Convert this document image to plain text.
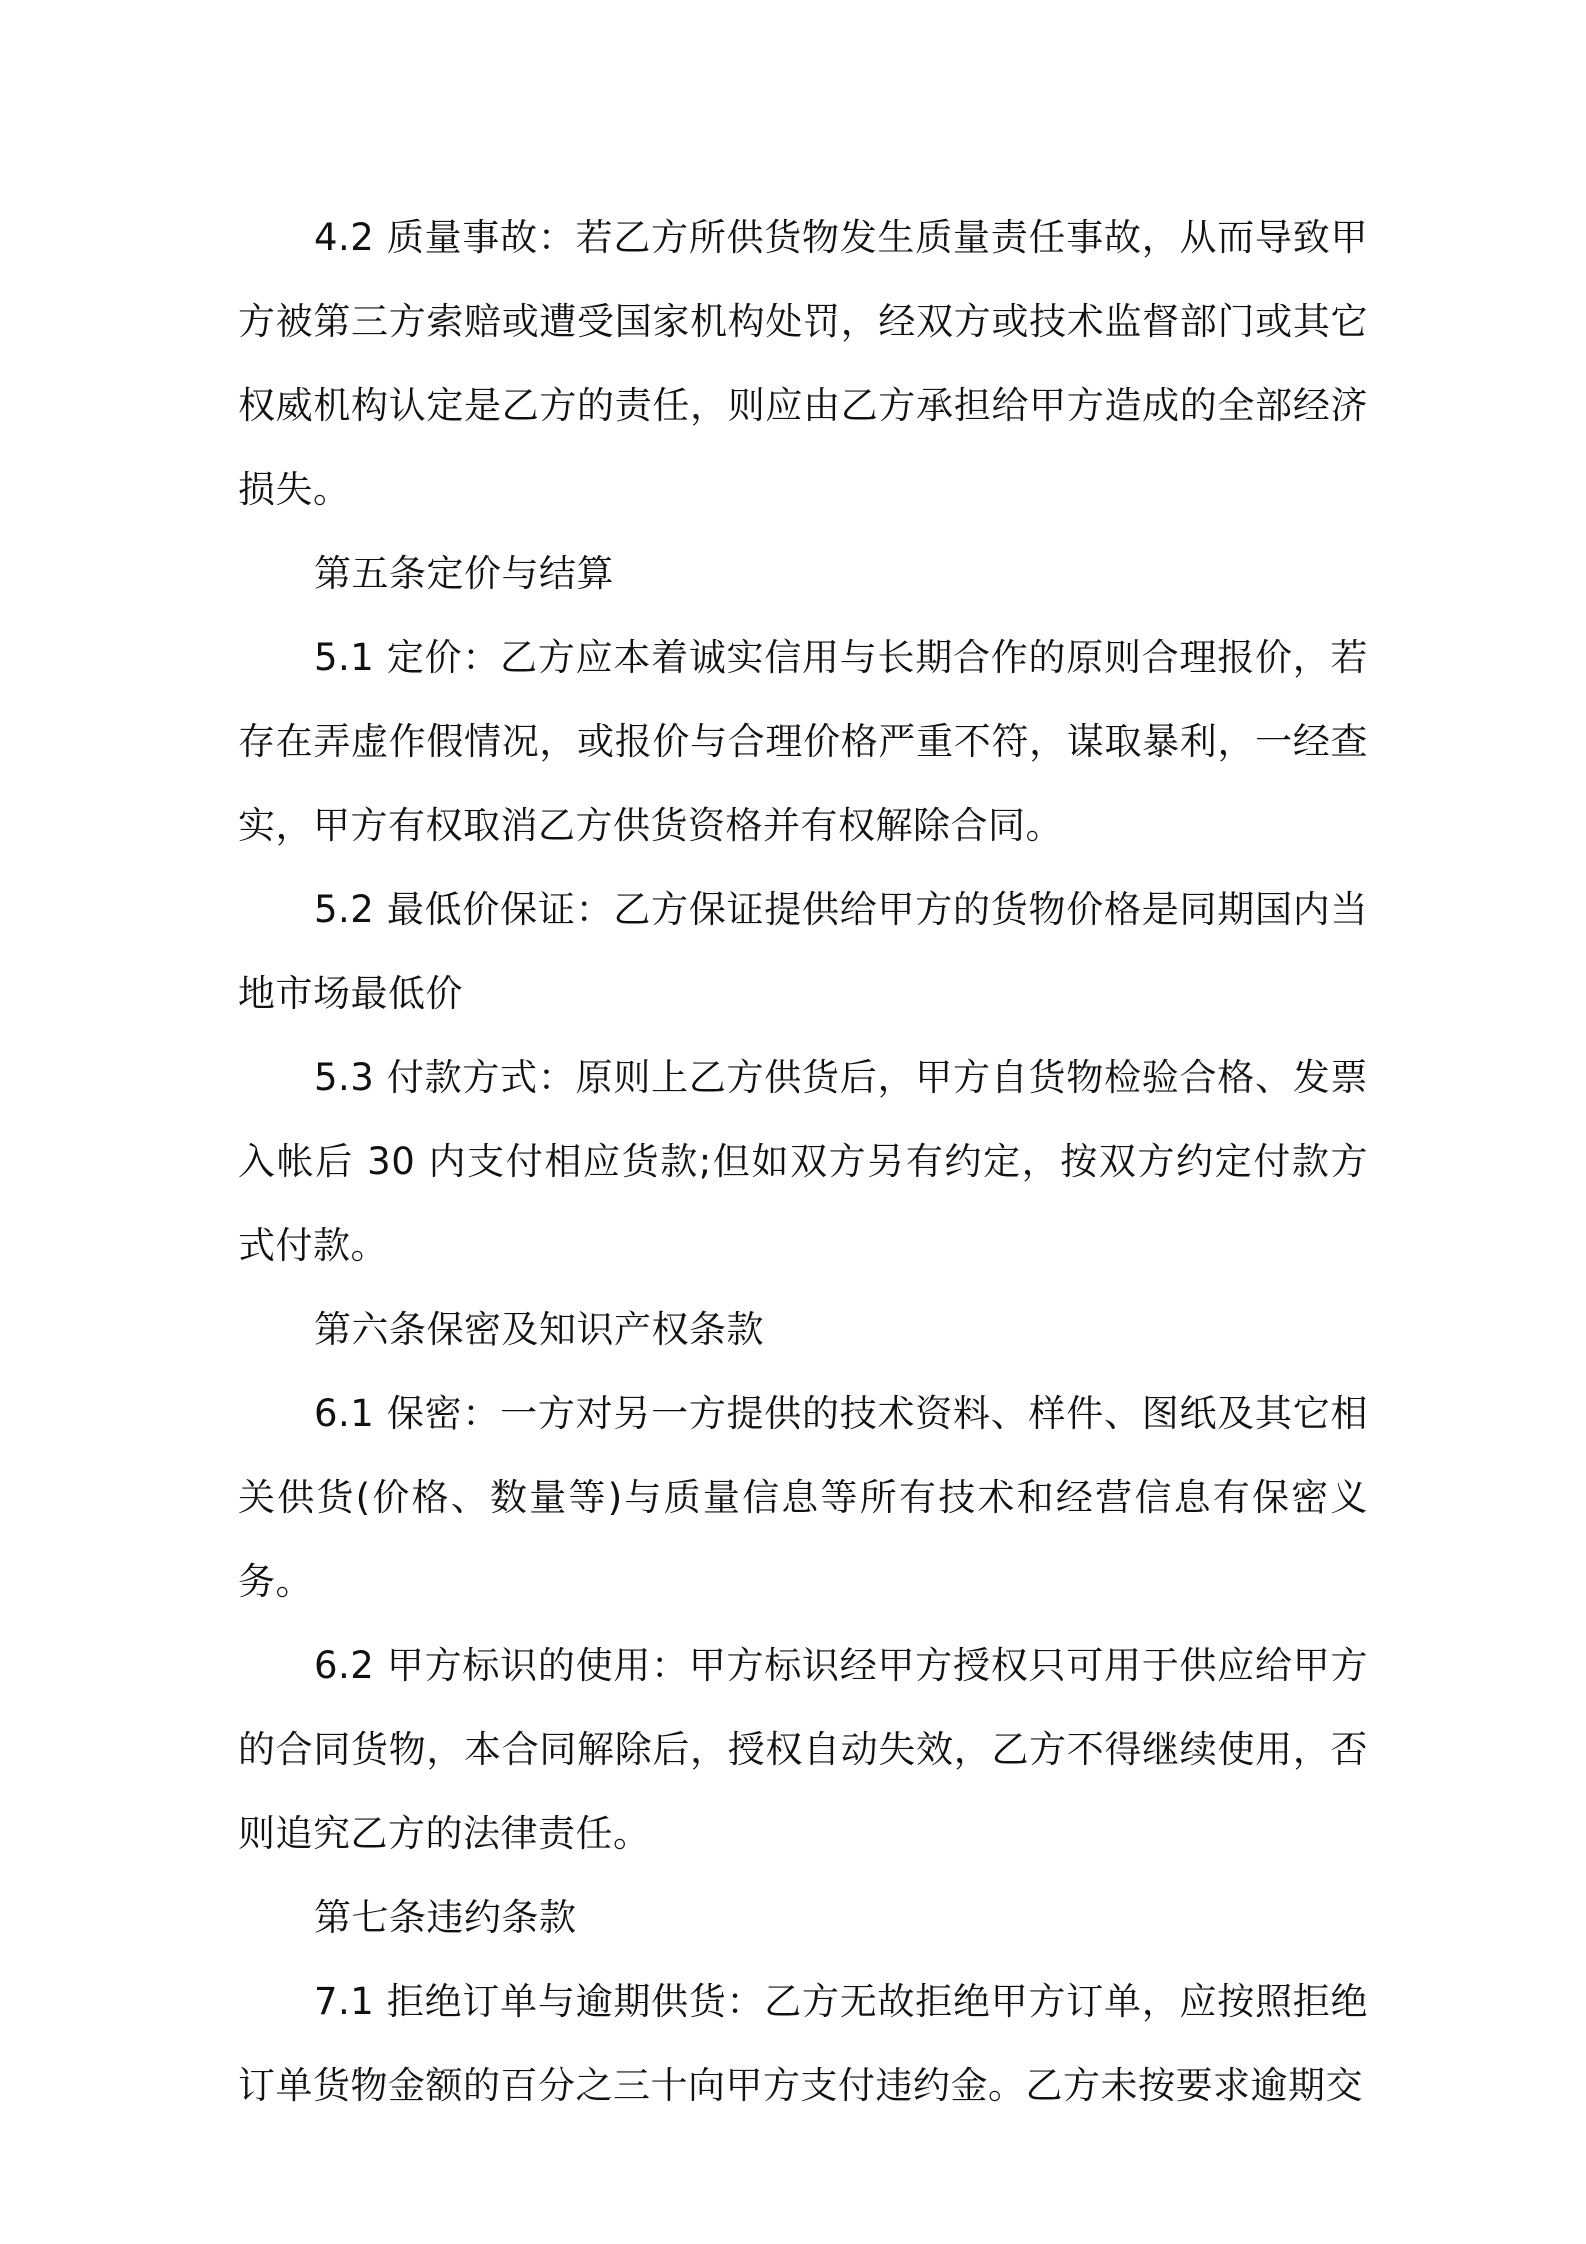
4.2 质量事故：若乙方所供货物发生质量责任事故，从而导致甲方被第三方索赔或遭受国家机构处罚，经双方或技术监督部门或其它权威机构认定是乙方的责任，则应由乙方承担给甲方造成的全部经济损失。

第五条定价与结算

5.1 定价：乙方应本着诚实信用与长期合作的原则合理报价，若存在弄虚作假情况，或报价与合理价格严重不符，谋取暴利，一经查实，甲方有权取消乙方供货资格并有权解除合同。

5.2 最低价保证：乙方保证提供给甲方的货物价格是同期国内当地市场最低价

5.3 付款方式：原则上乙方供货后，甲方自货物检验合格、发票入帐后 30 内支付相应货款;但如双方另有约定，按双方约定付款方式付款。

第六条保密及知识产权条款

6.1 保密：一方对另一方提供的技术资料、样件、图纸及其它相关供货(价格、数量等)与质量信息等所有技术和经营信息有保密义务。

6.2 甲方标识的使用：甲方标识经甲方授权只可用于供应给甲方的合同货物，本合同解除后，授权自动失效，乙方不得继续使用，否则追究乙方的法律责任。

第七条违约条款

7.1 拒绝订单与逾期供货：乙方无故拒绝甲方订单，应按照拒绝订单货物金额的百分之三十向甲方支付违约金。乙方未按要求逾期交
